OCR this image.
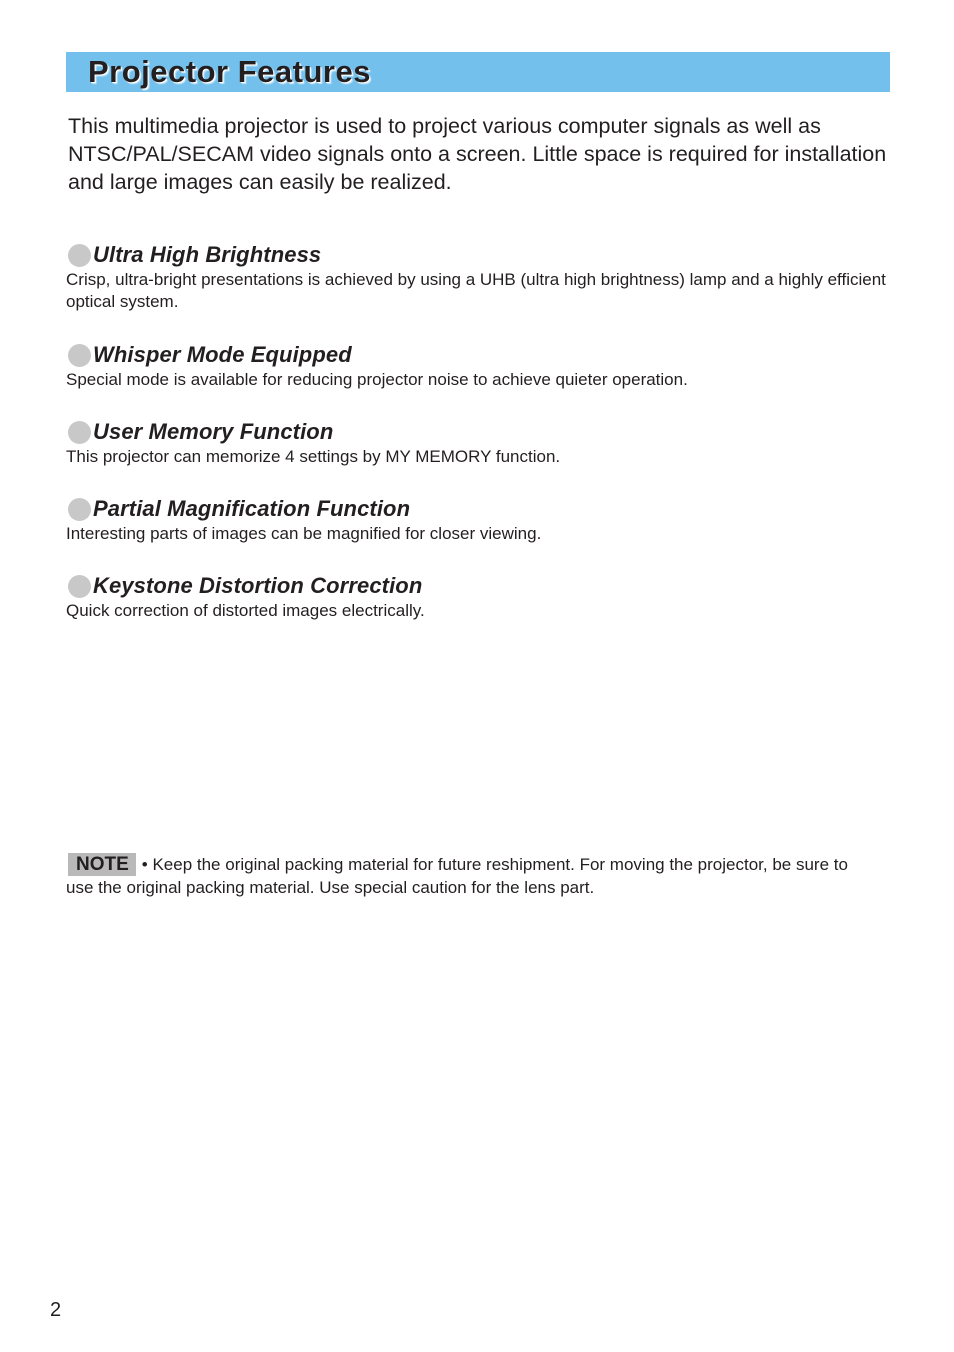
Projector Features

This multimedia projector is used to project various computer signals as well as NTSC/PAL/SECAM video signals onto a screen. Little space is required for installation and large images can easily be realized.

Ultra High Brightness

Crisp, ultra-bright presentations is achieved by using a UHB (ultra high brightness) lamp and a highly efficient optical system.

Whisper Mode Equipped

Special mode is available for reducing projector noise to achieve quieter operation.

User Memory Function

This projector can memorize 4 settings by MY MEMORY function.

Partial Magnification Function

Interesting parts of images can be magnified for closer viewing.

Keystone Distortion Correction

Quick correction of distorted images electrically.

NOTE • Keep the original packing material for future reshipment. For moving the projector, be sure to use the original packing material. Use special caution for the lens part.

2
